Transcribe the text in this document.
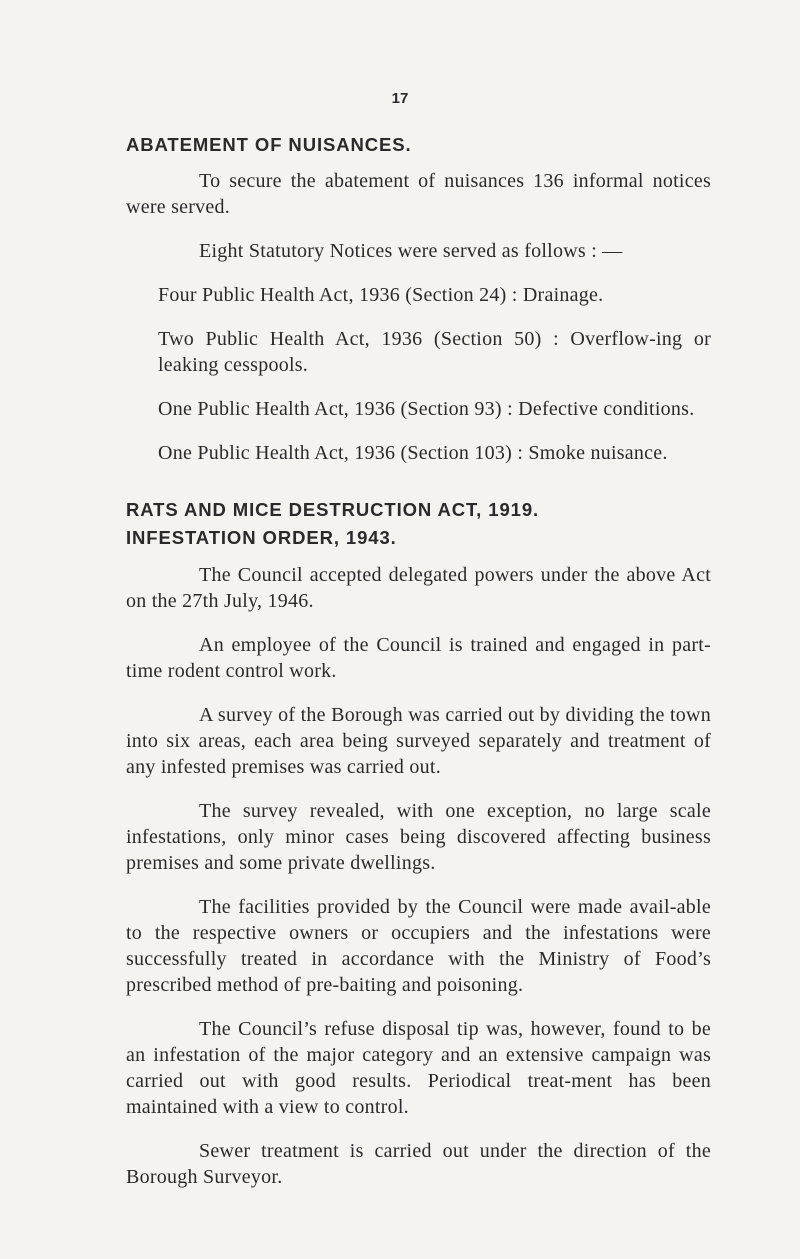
17
ABATEMENT OF NUISANCES.

To secure the abatement of nuisances 136 informal notices were served.

Eight Statutory Notices were served as follows : —

Four Public Health Act, 1936 (Section 24) : Drainage.

Two Public Health Act, 1936 (Section 50) : Overflow-ing or leaking cesspools.

One Public Health Act, 1936 (Section 93) : Defective conditions.

One Public Health Act, 1936 (Section 103) : Smoke nuisance.

RATS AND MICE DESTRUCTION ACT, 1919.
INFESTATION ORDER, 1943.

The Council accepted delegated powers under the above Act on the 27th July, 1946.

An employee of the Council is trained and engaged in part-time rodent control work.

A survey of the Borough was carried out by dividing the town into six areas, each area being surveyed separately and treatment of any infested premises was carried out.

The survey revealed, with one exception, no large scale infestations, only minor cases being discovered affecting business premises and some private dwellings.

The facilities provided by the Council were made avail-able to the respective owners or occupiers and the infestations were successfully treated in accordance with the Ministry of Food’s prescribed method of pre-baiting and poisoning.

The Council’s refuse disposal tip was, however, found to be an infestation of the major category and an extensive campaign was carried out with good results. Periodical treat-ment has been maintained with a view to control.

Sewer treatment is carried out under the direction of the Borough Surveyor.
